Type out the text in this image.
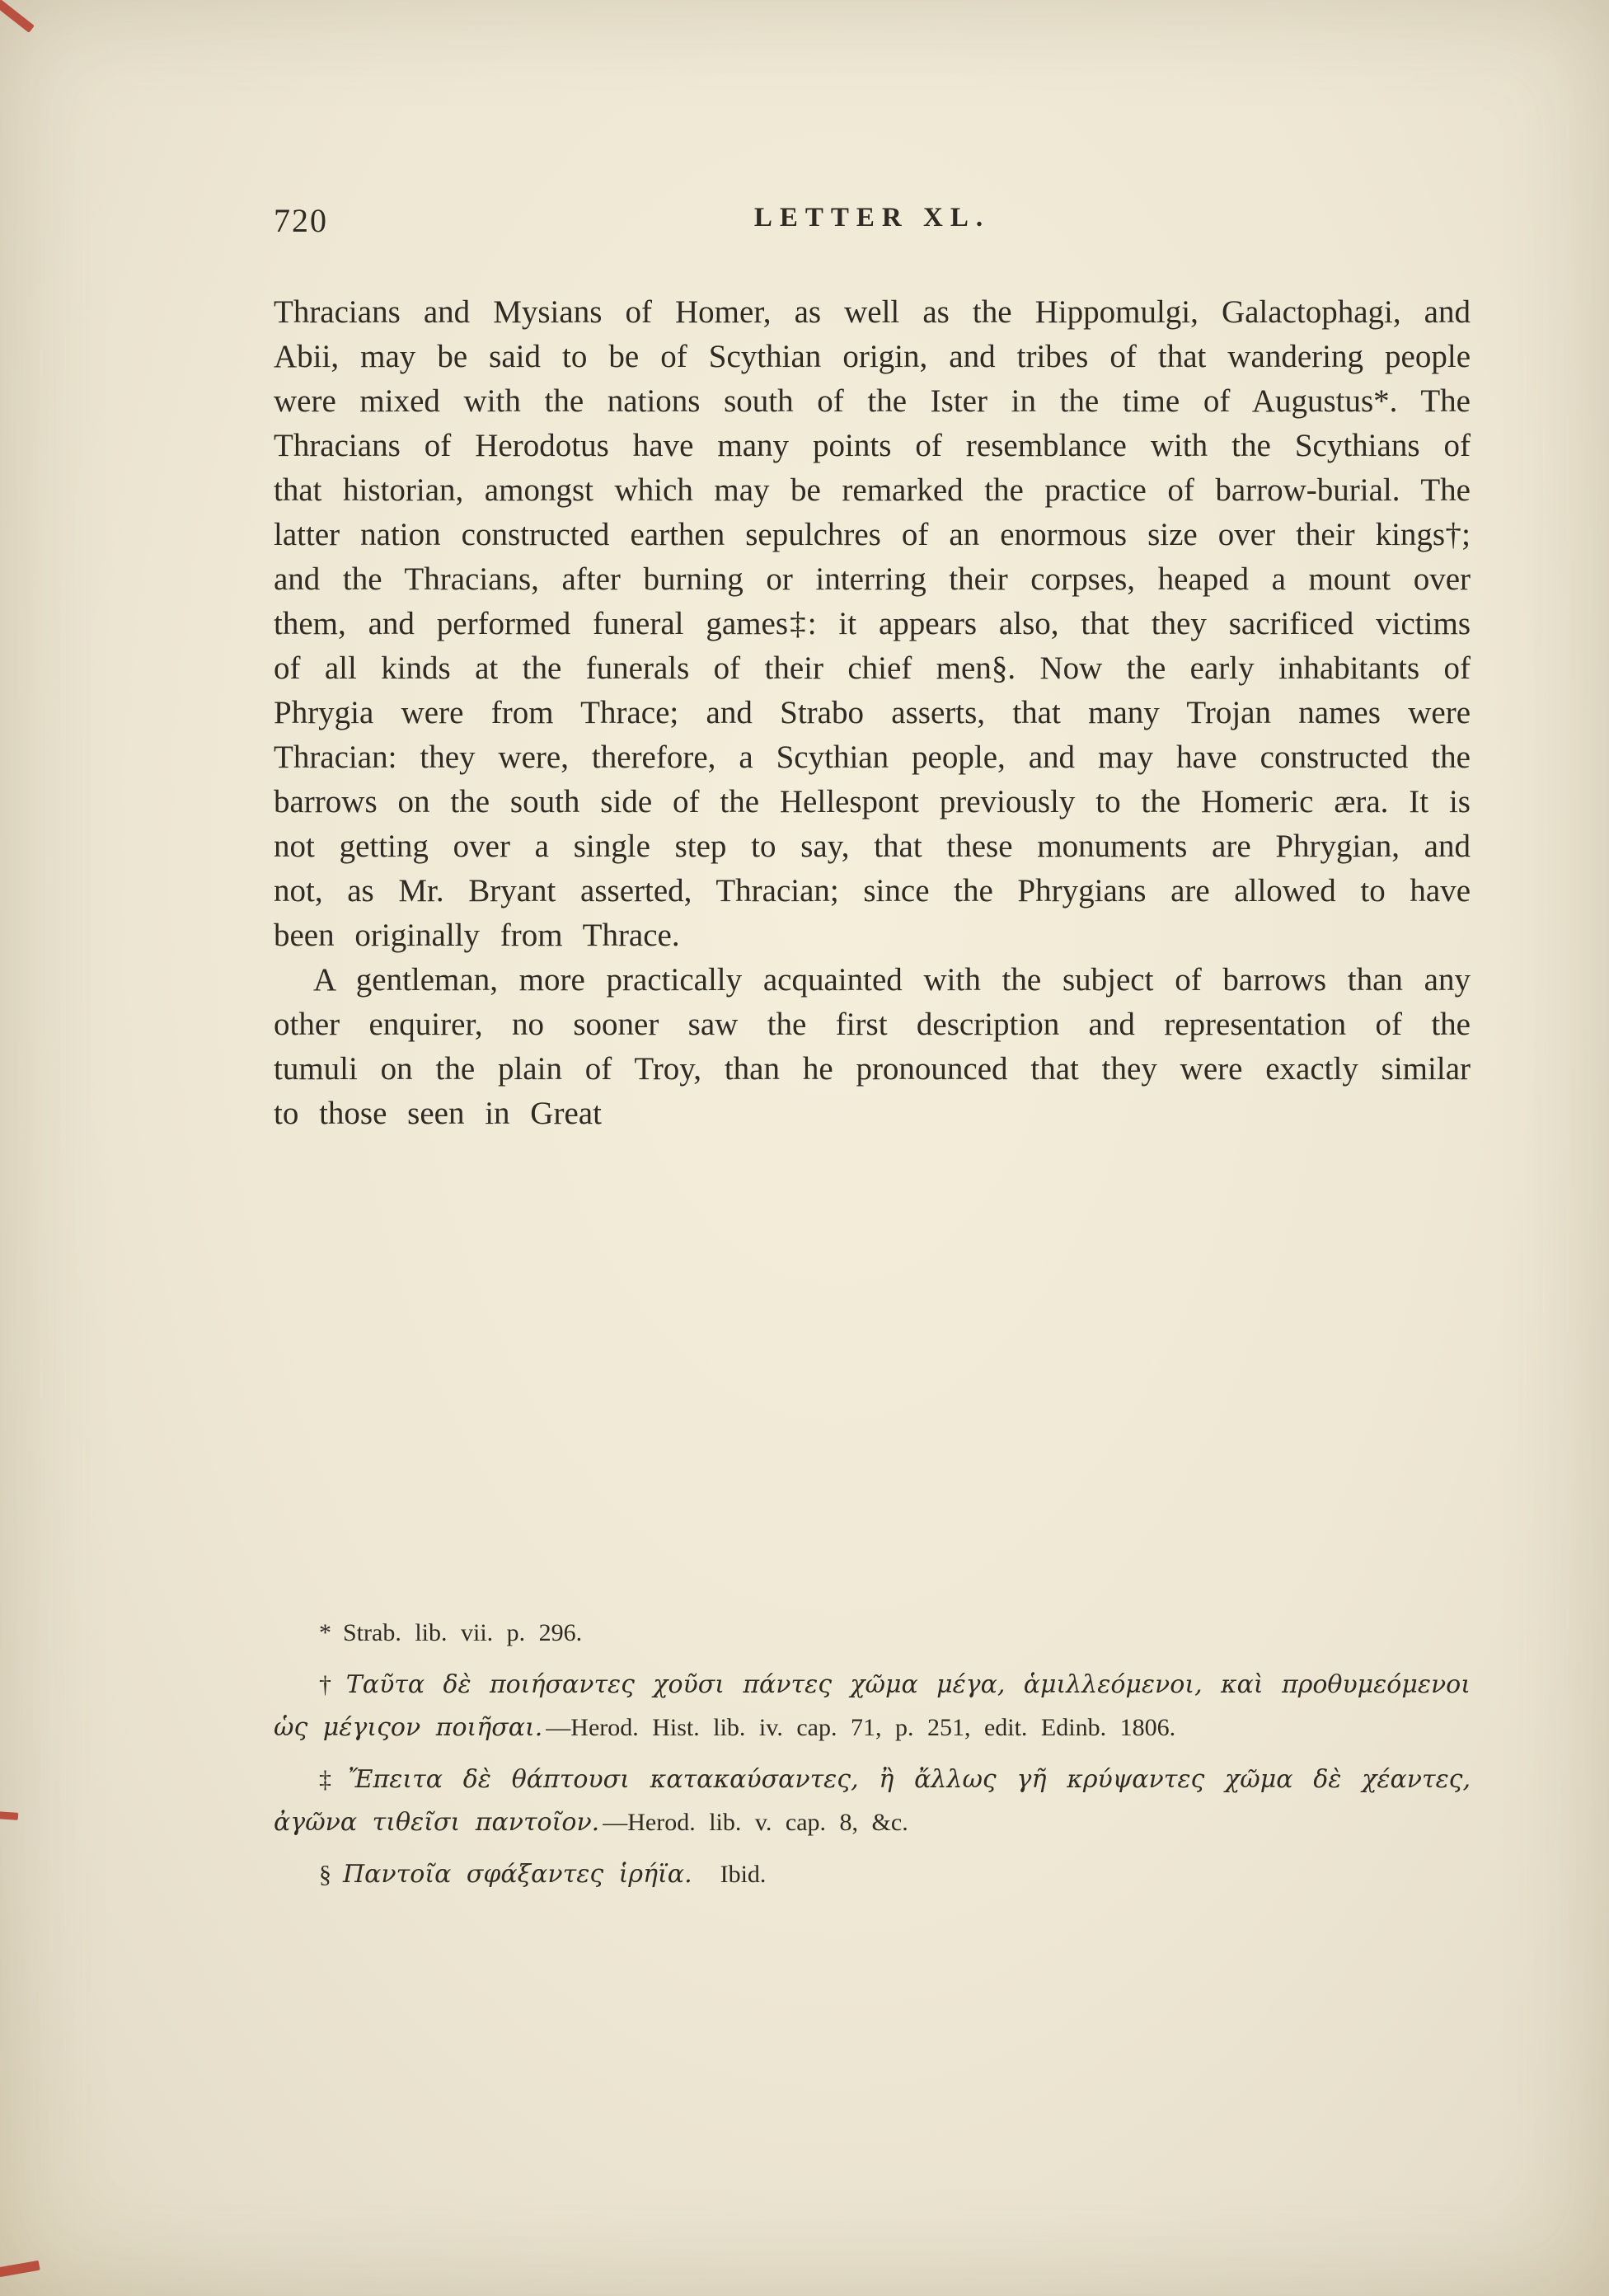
720	LETTER XL.

Thracians and Mysians of Homer, as well as the Hippomulgi, Galactophagi, and Abii, may be said to be of Scythian origin, and tribes of that wandering people were mixed with the nations south of the Ister in the time of Augustus*. The Thracians of Herodotus have many points of resemblance with the Scythians of that historian, amongst which may be remarked the practice of barrow-burial. The latter nation constructed earthen sepulchres of an enormous size over their kings†; and the Thracians, after burning or interring their corpses, heaped a mount over them, and performed funeral games‡: it appears also, that they sacrificed victims of all kinds at the funerals of their chief men§. Now the early inhabitants of Phrygia were from Thrace; and Strabo asserts, that many Trojan names were Thracian: they were, therefore, a Scythian people, and may have constructed the barrows on the south side of the Hellespont previously to the Homeric æra. It is not getting over a single step to say, that these monuments are Phrygian, and not, as Mr. Bryant asserted, Thracian; since the Phrygians are allowed to have been originally from Thrace.

A gentleman, more practically acquainted with the subject of barrows than any other enquirer, no sooner saw the first description and representation of the tumuli on the plain of Troy, than he pronounced that they were exactly similar to those seen in Great

* Strab. lib. vii. p. 296.

† Ταῦτα δὲ ποιήσαντες χοῦσι πάντες χῶμα μέγα, ἁμιλλεόμενοι, καὶ προθυμεόμενοι ὡς μέγιςον ποιῆσαι. —Herod. Hist. lib. iv. cap. 71, p. 251, edit. Edinb. 1806.

‡ Ἔπειτα δὲ θάπτουσι κατακαύσαντες, ἢ ἄλλως γῆ κρύψαντες χῶμα δὲ χέαντες, ἀγῶνα τιθεῖσι παντοῖον. —Herod. lib. v. cap. 8, &c.

§ Παντοῖα σφάξαντες ἱρήϊα. Ibid.
